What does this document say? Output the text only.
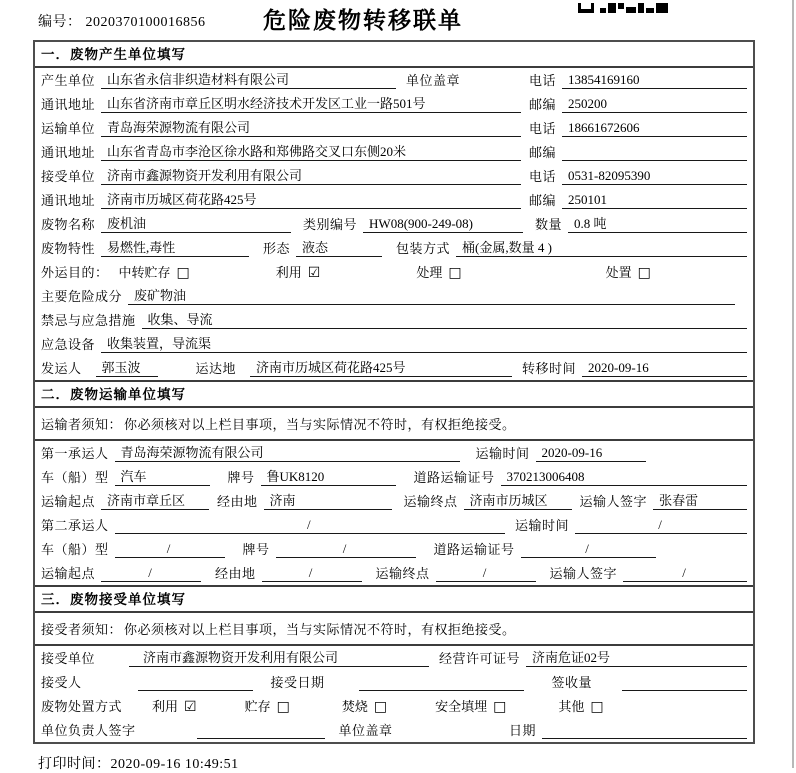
编号： 2020370100016856	危险废物转移联单
一．废物产生单位填写
产生单位 山东省永信非织造材料有限公司	单位盖章	电话 13854169160
通讯地址 山东省济南市章丘区明水经济技术开发区工业一路501号	邮编 250200
运输单位 青岛海荣源物流有限公司	电话 18661672606
通讯地址 山东省青岛市李沧区徐水路和郑佛路交叉口东侧20米	邮编
接受单位 济南市鑫源物资开发利用有限公司	电话 0531-82095390
通讯地址 济南市历城区荷花路425号	邮编 250101
废物名称 废机油	类别编号 HW08(900-249-08)	数量 0.8 吨
废物特性 易燃性,毒性	形态 液态	包装方式 桶(金属,数量 4 )
外运目的： 中转贮存 □	利用 ☑	处理 □	处置 □
主要危险成分 废矿物油
禁忌与应急措施 收集、导流
应急设备 收集装置，导流渠
发运人	郭玉波	运达地	济南市历城区荷花路425号	转移时间 2020-09-16
二．废物运输单位填写
运输者须知： 你必须核对以上栏目事项，当与实际情况不符时，有权拒绝接受。
第一承运人 青岛海荣源物流有限公司	运输时间 2020-09-16
车（船）型 汽车	牌号 鲁UK8120	道路运输证号 370213006408
运输起点 济南市章丘区	经由地 济南	运输终点 济南市历城区	运输人签字 张春雷
第二承运人	/	运输时间	/
车（船）型	/	牌号	/	道路运输证号	/
运输起点	/	经由地	/	运输终点	/	运输人签字	/
三．废物接受单位填写
接受者须知： 你必须核对以上栏目事项，当与实际情况不符时，有权拒绝接受。
接受单位	济南市鑫源物资开发利用有限公司	经营许可证号 济南危证02号
接受人	接受日期	签收量
废物处置方式 利用 ☑	贮存 □	焚烧 □	安全填埋 □	其他 □
单位负责人签字	单位盖章	日期
打印时间：2020-09-16 10:49:51
